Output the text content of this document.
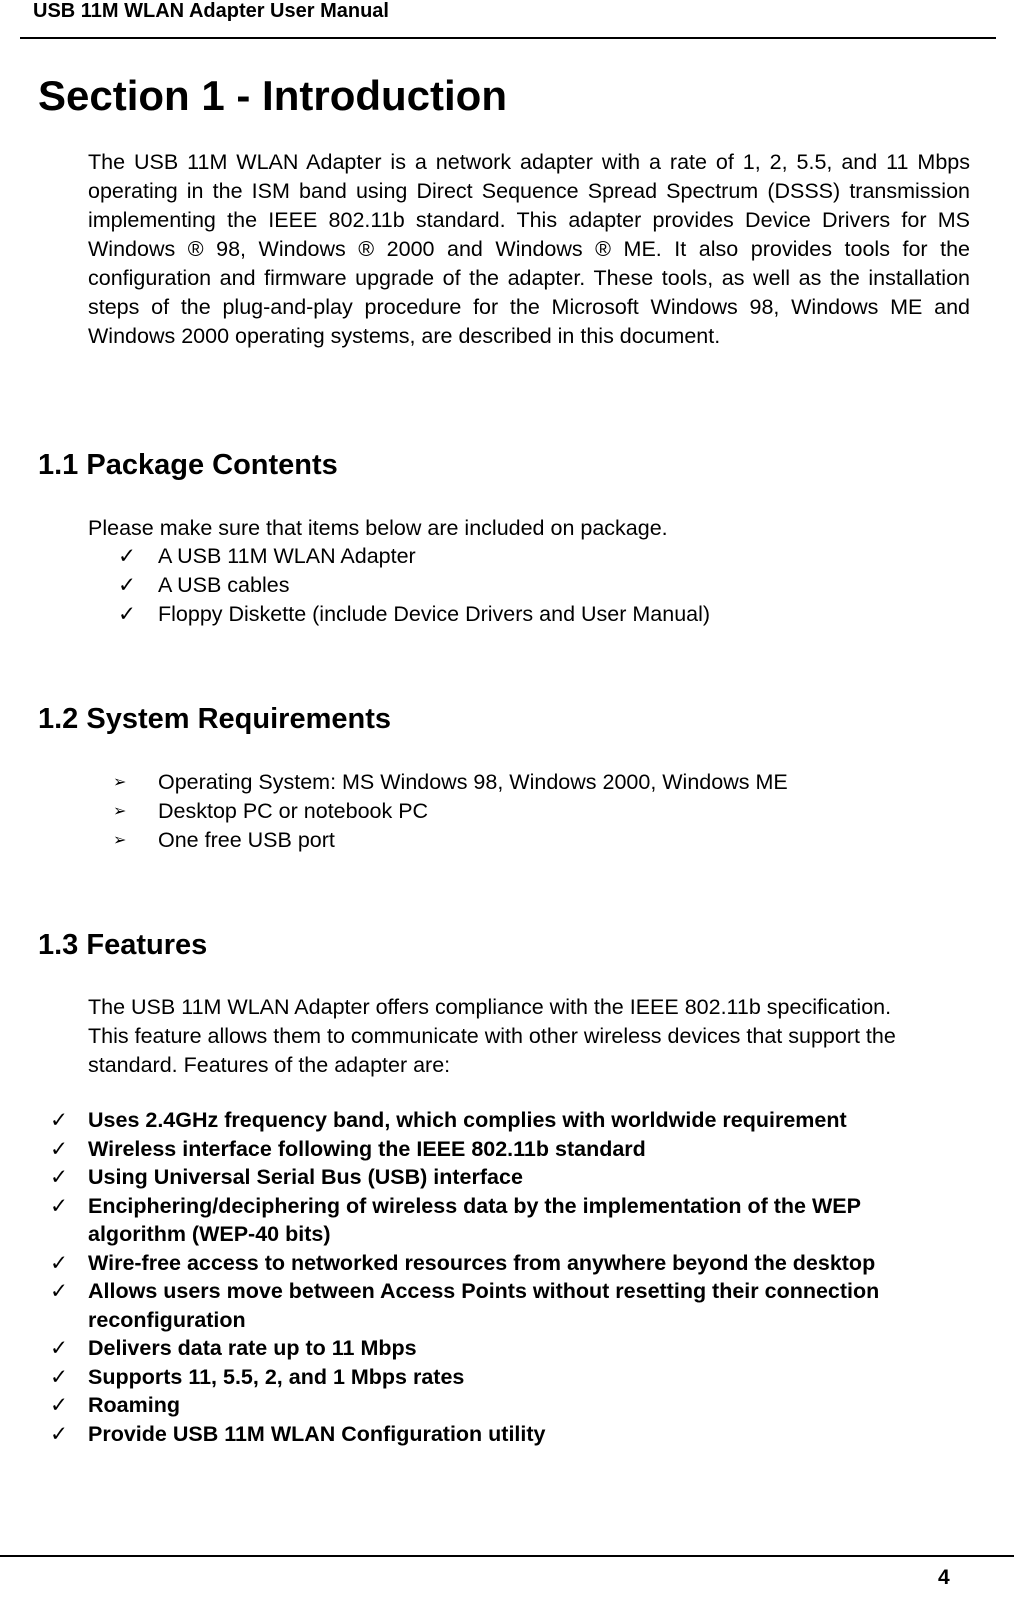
USB 11M WLAN Adapter User Manual
Section 1 - Introduction
The USB 11M WLAN Adapter is a network adapter with a rate of 1, 2, 5.5, and 11 Mbps operating in the ISM band using Direct Sequence Spread Spectrum (DSSS) transmission implementing the IEEE 802.11b standard. This adapter provides Device Drivers for MS Windows ® 98, Windows ® 2000 and Windows ® ME. It also provides tools for the configuration and firmware upgrade of the adapter. These tools, as well as the installation steps of the plug-and-play procedure for the Microsoft Windows 98, Windows ME and Windows 2000 operating systems, are described in this document.
1.1 Package Contents
Please make sure that items below are included on package.
✓ A USB 11M WLAN Adapter
✓ A USB cables
✓ Floppy Diskette (include Device Drivers and User Manual)
1.2 System Requirements
➢ Operating System: MS Windows 98, Windows 2000, Windows ME
➢ Desktop PC or notebook PC
➢ One free USB port
1.3 Features
The USB 11M WLAN Adapter offers compliance with the IEEE 802.11b specification. This feature allows them to communicate with other wireless devices that support the standard. Features of the adapter are:
✓ Uses 2.4GHz frequency band, which complies with worldwide requirement
✓ Wireless interface following the IEEE 802.11b standard
✓ Using Universal Serial Bus (USB) interface
✓ Enciphering/deciphering of wireless data by the implementation of the WEP algorithm (WEP-40 bits)
✓ Wire-free access to networked resources from anywhere beyond the desktop
✓ Allows users move between Access Points without resetting their connection reconfiguration
✓ Delivers data rate up to 11 Mbps
✓ Supports 11, 5.5, 2, and 1 Mbps rates
✓ Roaming
✓ Provide USB 11M WLAN Configuration utility
4
